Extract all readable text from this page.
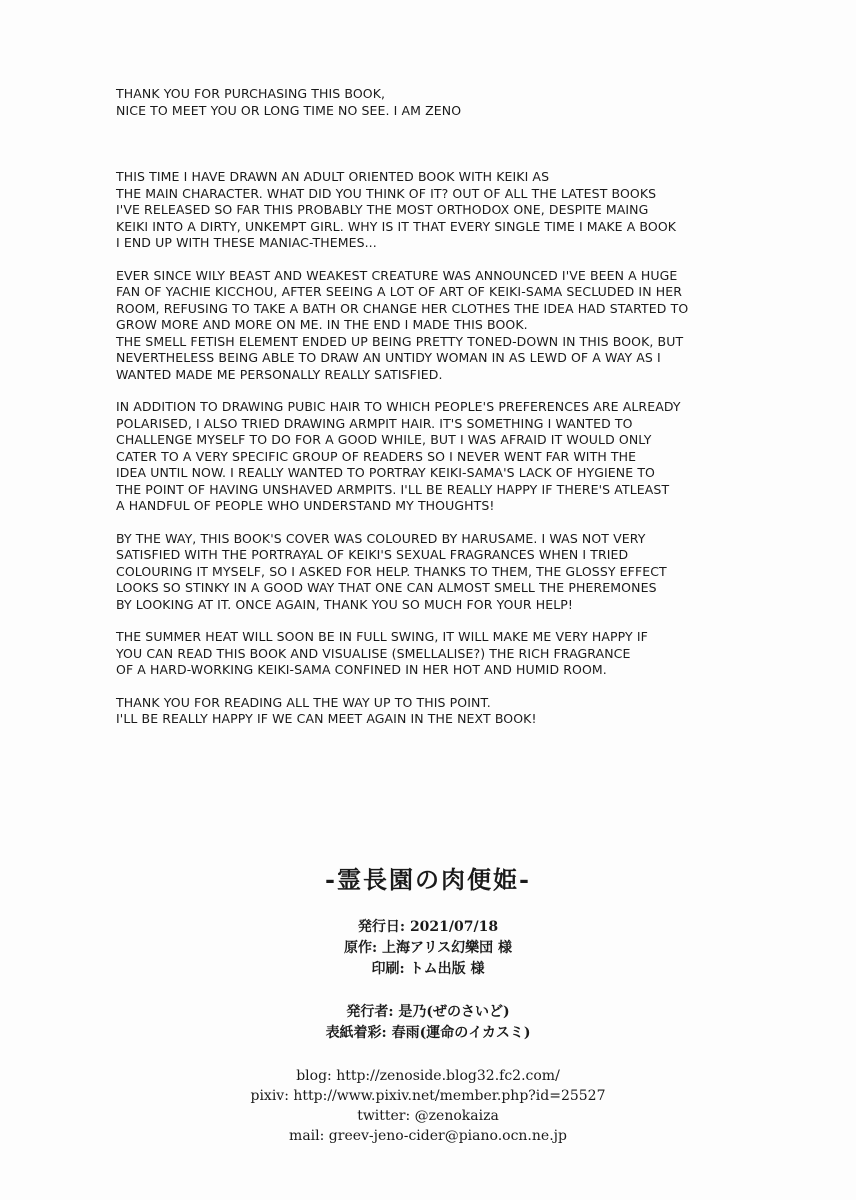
THANK YOU FOR PURCHASING THIS BOOK,
NICE TO MEET YOU OR LONG TIME NO SEE. I AM ZENO

THIS TIME I HAVE DRAWN AN ADULT ORIENTED BOOK WITH KEIKI AS
THE MAIN CHARACTER. WHAT DID YOU THINK OF IT? OUT OF ALL THE LATEST BOOKS
I'VE RELEASED SO FAR THIS PROBABLY THE MOST ORTHODOX ONE, DESPITE MAING
KEIKI INTO A DIRTY, UNKEMPT GIRL. WHY IS IT THAT EVERY SINGLE TIME I MAKE A BOOK
I END UP WITH THESE MANIAC-THEMES...

EVER SINCE WILY BEAST AND WEAKEST CREATURE WAS ANNOUNCED I'VE BEEN A HUGE
FAN OF YACHIE KICCHOU, AFTER SEEING A LOT OF ART OF KEIKI-SAMA SECLUDED IN HER
ROOM, REFUSING TO TAKE A BATH OR CHANGE HER CLOTHES THE IDEA HAD STARTED TO
GROW MORE AND MORE ON ME. IN THE END I MADE THIS BOOK.
THE SMELL FETISH ELEMENT ENDED UP BEING PRETTY TONED-DOWN IN THIS BOOK, BUT
NEVERTHELESS BEING ABLE TO DRAW AN UNTIDY WOMAN IN AS LEWD OF A WAY AS I
WANTED MADE ME PERSONALLY REALLY SATISFIED.

IN ADDITION TO DRAWING PUBIC HAIR TO WHICH PEOPLE'S PREFERENCES ARE ALREADY
POLARISED, I ALSO TRIED DRAWING ARMPIT HAIR. IT'S SOMETHING I WANTED TO
CHALLENGE MYSELF TO DO FOR A GOOD WHILE, BUT I WAS AFRAID IT WOULD ONLY
CATER TO A VERY SPECIFIC GROUP OF READERS SO I NEVER WENT FAR WITH THE
IDEA UNTIL NOW. I REALLY WANTED TO PORTRAY KEIKI-SAMA'S LACK OF HYGIENE TO
THE POINT OF HAVING UNSHAVED ARMPITS. I'LL BE REALLY HAPPY IF THERE'S ATLEAST
A HANDFUL OF PEOPLE WHO UNDERSTAND MY THOUGHTS!

BY THE WAY, THIS BOOK'S COVER WAS COLOURED BY HARUSAME. I WAS NOT VERY
SATISFIED WITH THE PORTRAYAL OF KEIKI'S SEXUAL FRAGRANCES WHEN I TRIED
COLOURING IT MYSELF, SO I ASKED FOR HELP. THANKS TO THEM, THE GLOSSY EFFECT
LOOKS SO STINKY IN A GOOD WAY THAT ONE CAN ALMOST SMELL THE PHEREMONES
BY LOOKING AT IT. ONCE AGAIN, THANK YOU SO MUCH FOR YOUR HELP!

THE SUMMER HEAT WILL SOON BE IN FULL SWING, IT WILL MAKE ME VERY HAPPY IF
YOU CAN READ THIS BOOK AND VISUALISE (SMELLALISE?) THE RICH FRAGRANCE
OF A HARD-WORKING KEIKI-SAMA CONFINED IN HER HOT AND HUMID ROOM.

THANK YOU FOR READING ALL THE WAY UP TO THIS POINT.
I'LL BE REALLY HAPPY IF WE CAN MEET AGAIN IN THE NEXT BOOK!

-霊長園の肉便姫-
発行日: 2021/07/18
原作: 上海アリス幻樂団 様
印刷: トム出版 様
発行者: 是乃(ぜのさいど)
表紙着彩: 春雨(運命のイカスミ)
blog: http://zenoside.blog32.fc2.com/
pixiv: http://www.pixiv.net/member.php?id=25527
twitter: @zenokaiza
mail: greev-jeno-cider@piano.ocn.ne.jp
